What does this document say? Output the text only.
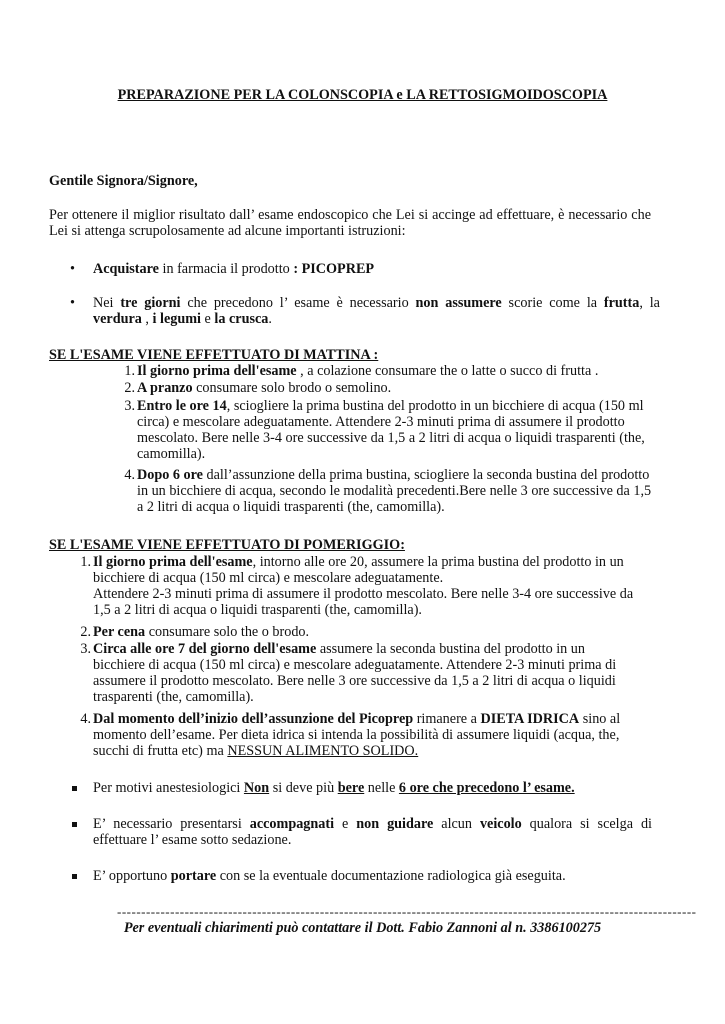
PREPARAZIONE PER LA COLONSCOPIA e LA RETTOSIGMOIDOSCOPIA
Gentile Signora/Signore,
Per ottenere il miglior risultato dall’ esame endoscopico che Lei si accinge ad effettuare, è necessario che Lei si attenga scrupolosamente ad alcune importanti istruzioni:
• Acquistare in farmacia il prodotto : PICOPREP
• Nei tre giorni che precedono l’ esame è necessario non assumere scorie come la frutta, la verdura , i legumi e la crusca.
SE L'ESAME VIENE EFFETTUATO DI MATTINA :
1. Il giorno prima dell'esame , a colazione consumare the o latte o succo di frutta .
2. A pranzo consumare solo brodo o semolino.
3. Entro le ore 14, sciogliere la prima bustina del prodotto in un bicchiere di acqua (150 ml circa) e mescolare adeguatamente. Attendere 2-3 minuti prima di assumere il prodotto mescolato. Bere nelle 3-4 ore successive da 1,5 a 2 litri di acqua o liquidi trasparenti (the, camomilla).
4. Dopo 6 ore dall’assunzione della prima bustina, sciogliere la seconda bustina del prodotto in un bicchiere di acqua, secondo le modalità precedenti.Bere nelle 3 ore successive da 1,5 a 2 litri di acqua o liquidi trasparenti (the, camomilla).
SE L'ESAME VIENE EFFETTUATO DI POMERIGGIO:
1. Il giorno prima dell'esame, intorno alle ore 20, assumere la prima bustina del prodotto in un bicchiere di acqua (150 ml circa) e mescolare adeguatamente.
Attendere 2-3 minuti prima di assumere il prodotto mescolato. Bere nelle 3-4 ore successive da 1,5 a 2 litri di acqua o liquidi trasparenti (the, camomilla).
2. Per cena consumare solo the o brodo.
3. Circa alle ore 7 del giorno dell'esame assumere la seconda bustina del prodotto in un bicchiere di acqua (150 ml circa) e mescolare adeguatamente. Attendere 2-3 minuti prima di assumere il prodotto mescolato. Bere nelle 3 ore successive da 1,5 a 2 litri di acqua o liquidi trasparenti (the, camomilla).
4. Dal momento dell’inizio dell’assunzione del Picoprep rimanere a DIETA IDRICA sino al momento dell’esame. Per dieta idrica si intenda la possibilità di assumere liquidi (acqua, the, succhi di frutta etc) ma NESSUN ALIMENTO SOLIDO.
Per motivi anestesiologici Non si deve più bere nelle 6 ore che precedono l’ esame.
E’ necessario presentarsi accompagnati e non guidare alcun veicolo qualora si scelga di effettuare l’ esame sotto sedazione.
E’ opportuno portare con se la eventuale documentazione radiologica già eseguita.
------------------------------------------------------------------------------------------------------------------------
Per eventuali chiarimenti può contattare il Dott. Fabio Zannoni al n. 3386100275
